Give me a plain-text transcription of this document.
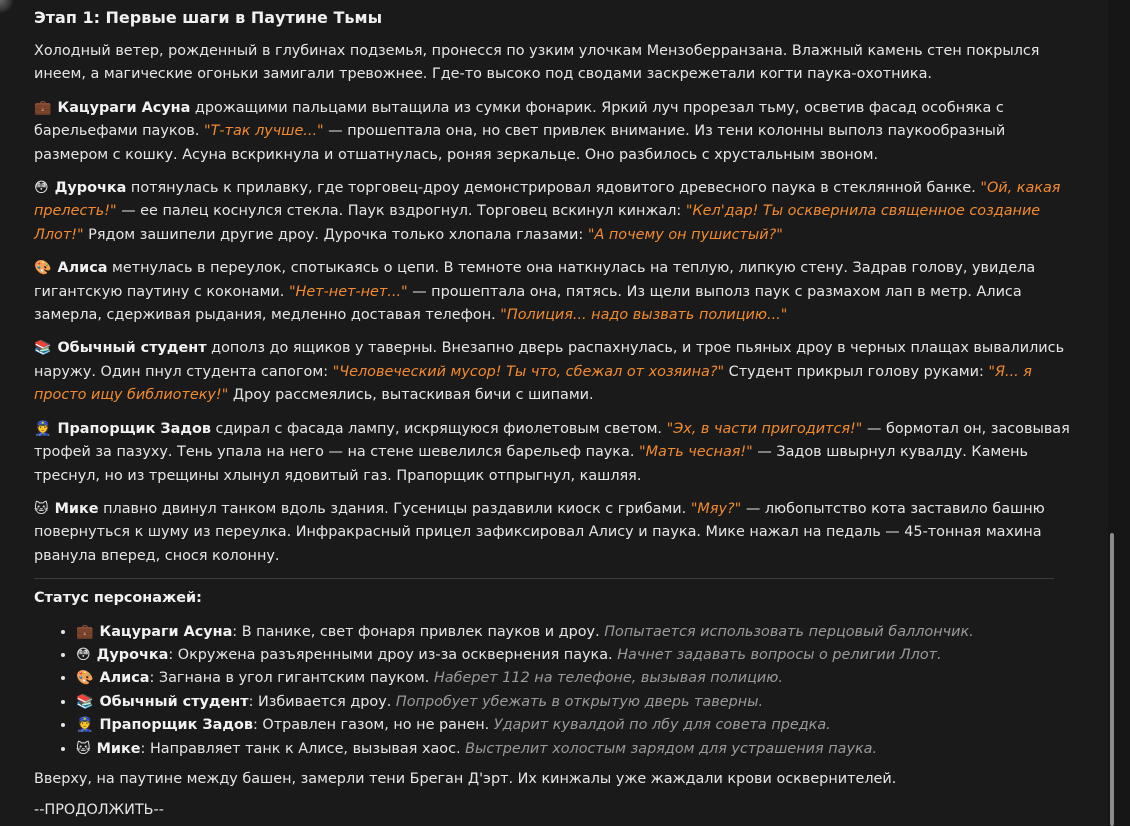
Этап 1: Первые шаги в Паутине Тьмы

Холодный ветер, рожденный в глубинах подземья, пронесся по узким улочкам Мензоберранзана. Влажный камень стен покрылся инеем, а магические огоньки замигали тревожнее. Где-то высоко под сводами заскрежетали когти паука-охотника.

💼 Кацураги Асуна дрожащими пальцами вытащила из сумки фонарик. Яркий луч прорезал тьму, осветив фасад особняка с барельефами пауков. "Т-так лучше..." — прошептала она, но свет привлек внимание. Из тени колонны выполз паукообразный размером с кошку. Асуна вскрикнула и отшатнулась, роняя зеркальце. Оно разбилось с хрустальным звоном.

😳 Дурочка потянулась к прилавку, где торговец-дроу демонстрировал ядовитого древесного паука в стеклянной банке. "Ой, какая прелесть!" — ее палец коснулся стекла. Паук вздрогнул. Торговец вскинул кинжал: "Кел'дар! Ты осквернила священное создание Ллот!" Рядом зашипели другие дроу. Дурочка только хлопала глазами: "А почему он пушистый?"

🎨 Алиса метнулась в переулок, спотыкаясь о цепи. В темноте она наткнулась на теплую, липкую стену. Задрав голову, увидела гигантскую паутину с коконами. "Нет-нет-нет..." — прошептала она, пятясь. Из щели выполз паук с размахом лап в метр. Алиса замерла, сдерживая рыдания, медленно доставая телефон. "Полиция... надо вызвать полицию..."

📚 Обычный студент дополз до ящиков у таверны. Внезапно дверь распахнулась, и трое пьяных дроу в черных плащах вывалились наружу. Один пнул студента сапогом: "Человеческий мусор! Ты что, сбежал от хозяина?" Студент прикрыл голову руками: "Я... я просто ищу библиотеку!" Дроу рассмеялись, вытаскивая бичи с шипами.

👮 Прапорщик Задов сдирал с фасада лампу, искрящуюся фиолетовым светом. "Эх, в части пригодится!" — бормотал он, засовывая трофей за пазуху. Тень упала на него — на стене шевелился барельеф паука. "Мать чесная!" — Задов швырнул кувалду. Камень треснул, но из трещины хлынул ядовитый газ. Прапорщик отпрыгнул, кашляя.

🐱 Мике плавно двинул танком вдоль здания. Гусеницы раздавили киоск с грибами. "Мяу?" — любопытство кота заставило башню повернуться к шуму из переулка. Инфракрасный прицел зафиксировал Алису и паука. Мике нажал на педаль — 45-тонная махина рванула вперед, снося колонну.

Статус персонажей:

• 💼 Кацураги Асуна: В панике, свет фонаря привлек пауков и дроу. Попытается использовать перцовый баллончик.
• 😳 Дурочка: Окружена разъяренными дроу из-за осквернения паука. Начнет задавать вопросы о религии Ллот.
• 🎨 Алиса: Загнана в угол гигантским пауком. Наберет 112 на телефоне, вызывая полицию.
• 📚 Обычный студент: Избивается дроу. Попробует убежать в открытую дверь таверны.
• 👮 Прапорщик Задов: Отравлен газом, но не ранен. Ударит кувалдой по лбу для совета предка.
• 🐱 Мике: Направляет танк к Алисе, вызывая хаос. Выстрелит холостым зарядом для устрашения паука.

Вверху, на паутине между башен, замерли тени Бреган Д'эрт. Их кинжалы уже жаждали крови осквернителей.

--ПРОДОЛЖИТЬ--
